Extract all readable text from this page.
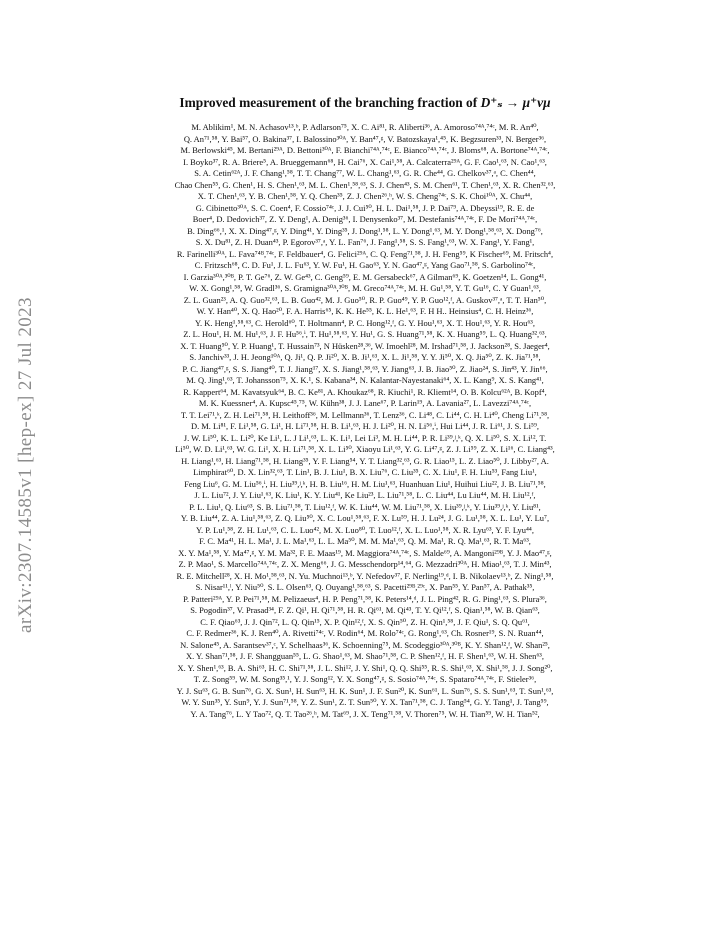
arXiv:2307.14585v1 [hep-ex] 27 Jul 2023
Improved measurement of the branching fraction of D⁺ₛ → μ⁺νμ
M. Ablikim¹, M. N. Achasov¹³,ᵇ, P. Adlarson⁷⁵, X. C. Ai⁸¹, R. Aliberti³⁶, A. Amoroso⁷⁴ᴬ,⁷⁴ᶜ, M. R. An⁴⁰,
Q. An⁷¹,⁵⁸, Y. Bai⁵⁷, O. Bakina³⁷, I. Balossino³⁰ᴬ, Y. Ban⁴⁷,ᵍ, V. Batozskaya¹,⁴⁵, K. Begzsuren³³, N. Berger³⁶,
M. Berlowski⁴⁵, M. Bertani²⁹ᴬ, D. Bettoni³⁰ᴬ, F. Bianchi⁷⁴ᴬ,⁷⁴ᶜ, E. Bianco⁷⁴ᴬ,⁷⁴ᶜ, J. Bloms⁶⁸, A. Bortone⁷⁴ᴬ,⁷⁴ᶜ,
I. Boyko³⁷, R. A. Briere⁵, A. Brueggemann⁶⁸, H. Cai⁷⁶, X. Cai¹,⁵⁸, A. Calcaterra²⁹ᴬ, G. F. Cao¹,⁶³, N. Cao¹,⁶³,
S. A. Cetin⁶²ᴬ, J. F. Chang¹,⁵⁸, T. T. Chang⁷⁷, W. L. Chang¹,⁶³, G. R. Che⁴⁴, G. Chelkov³⁷,ᵃ, C. Chen⁴⁴,
Chao Chen⁵⁵, G. Chen¹, H. S. Chen¹,⁶³, M. L. Chen¹,⁵⁸,⁶³, S. J. Chen⁴³, S. M. Chen⁶¹, T. Chen¹,⁶³, X. R. Chen³²,⁶³,
X. T. Chen¹,⁶³, Y. B. Chen¹,⁵⁸, Y. Q. Chen³⁵, Z. J. Chen²⁶,ʰ, W. S. Cheng⁷⁴ᶜ, S. K. Choi¹⁰ᴬ, X. Chu⁴⁴,
G. Cibinetto³⁰ᴬ, S. C. Coen⁴, F. Cossio⁷⁴ᶜ, J. J. Cui⁵⁰, H. L. Dai¹,⁵⁸, J. P. Dai⁷⁹, A. Dbeyssi¹⁹, R. E. de
Boer⁴, D. Dedovich³⁷, Z. Y. Deng¹, A. Denig³⁶, I. Denysenko³⁷, M. Destefanis⁷⁴ᴬ,⁷⁴ᶜ, F. De Mori⁷⁴ᴬ,⁷⁴ᶜ,
B. Ding⁶⁶,¹, X. X. Ding⁴⁷,ᵍ, Y. Ding⁴¹, Y. Ding³⁵, J. Dong¹,⁵⁸, L. Y. Dong¹,⁶³, M. Y. Dong¹,⁵⁸,⁶³, X. Dong⁷⁶,
S. X. Du⁸¹, Z. H. Duan⁴³, P. Egorov³⁷,ᵃ, Y. L. Fan⁷⁶, J. Fang¹,⁵⁸, S. S. Fang¹,⁶³, W. X. Fang¹, Y. Fang¹,
R. Farinelli³⁰ᴬ, L. Fava⁷⁴ᴮ,⁷⁴ᶜ, F. Feldbauer⁴, G. Felici²⁹ᴬ, C. Q. Feng⁷¹,⁵⁸, J. H. Feng⁵⁹, K Fischer⁶⁹, M. Fritsch⁴,
C. Fritzsch⁶⁸, C. D. Fu¹, J. L. Fu⁶³, Y. W. Fu¹, H. Gao⁶³, Y. N. Gao⁴⁷,ᵍ, Yang Gao⁷¹,⁵⁸, S. Garbolino⁷⁴ᶜ,
I. Garzia³⁰ᴬ,³⁰ᴮ, P. T. Ge⁷⁶, Z. W. Ge⁴³, C. Geng⁵⁹, E. M. Gersabeck⁶⁷, A Gilman⁶⁹, K. Goetzen¹⁴, L. Gong⁴¹,
W. X. Gong¹,⁵⁸, W. Gradl³⁶, S. Gramigna³⁰ᴬ,³⁰ᴮ, M. Greco⁷⁴ᴬ,⁷⁴ᶜ, M. H. Gu¹,⁵⁸, Y. T. Gu¹⁶, C. Y Guan¹,⁶³,
Z. L. Guan²³, A. Q. Guo³²,⁶³, L. B. Guo⁴², M. J. Guo⁵⁰, R. P. Guo⁴⁹, Y. P. Guo¹²,ᶠ, A. Guskov³⁷,ᵃ, T. T. Han⁵⁰,
W. Y. Han⁴⁰, X. Q. Hao²⁰, F. A. Harris⁶⁵, K. K. He⁵⁵, K. L. He¹,⁶³, F. H H.. Heinsius⁴, C. H. Heinz³⁶,
Y. K. Heng¹,⁵⁸,⁶³, C. Herold⁶⁰, T. Holtmann⁴, P. C. Hong¹²,ᶠ, G. Y. Hou¹,⁶³, X. T. Hou¹,⁶³, Y. R. Hou⁶³,
Z. L. Hou¹, H. M. Hu¹,⁶³, J. F. Hu⁵⁶,ⁱ, T. Hu¹,⁵⁸,⁶³, Y. Hu¹, G. S. Huang⁷¹,⁵⁸, K. X. Huang⁵⁹, L. Q. Huang³²,⁶³,
X. T. Huang⁵⁰, Y. P. Huang¹, T. Hussain⁷³, N Hüsken²⁸,³⁶, W. Imoehl²⁸, M. Irshad⁷¹,⁵⁸, J. Jackson²⁸, S. Jaeger⁴,
S. Janchiv³³, J. H. Jeong¹⁰ᴬ, Q. Ji¹, Q. P. Ji²⁰, X. B. Ji¹,⁶³, X. L. Ji¹,⁵⁸, Y. Y. Ji⁵⁰, X. Q. Jia⁵⁰, Z. K. Jia⁷¹,⁵⁸,
P. C. Jiang⁴⁷,ᵍ, S. S. Jiang⁴⁰, T. J. Jiang¹⁷, X. S. Jiang¹,⁵⁸,⁶³, Y. Jiang⁶³, J. B. Jiao⁵⁰, Z. Jiao²⁴, S. Jin⁴³, Y. Jin⁶⁶,
M. Q. Jing¹,⁶³, T. Johansson⁷⁵, X. K.¹, S. Kabana³⁴, N. Kalantar-Nayestanaki⁶⁴, X. L. Kang⁹, X. S. Kang⁴¹,
R. Kappert⁶⁴, M. Kavatsyuk⁶⁴, B. C. Ke⁸¹, A. Khoukaz⁶⁸, R. Kiuchi¹, R. Kliemt¹⁴, O. B. Kolcu⁶²ᴬ, B. Kopf⁴,
M. K. Kuessner⁴, A. Kupsc⁴⁵,⁷⁵, W. Kühn³⁸, J. J. Lane⁶⁷, P. Larin¹⁹, A. Lavania²⁷, L. Lavezzi⁷⁴ᴬ,⁷⁴ᶜ,
T. T. Lei⁷¹,ᵏ, Z. H. Lei⁷¹,⁵⁸, H. Leithoff³⁶, M. Lellmann³⁶, T. Lenz³⁶, C. Li⁴⁸, C. Li⁴⁴, C. H. Li⁴⁰, Cheng Li⁷¹,⁵⁸,
D. M. Li⁸¹, F. Li¹,⁵⁸, G. Li¹, H. Li⁷¹,⁵⁸, H. B. Li¹,⁶³, H. J. Li²⁰, H. N. Li⁵⁶,ⁱ, Hui Li⁴⁴, J. R. Li⁶¹, J. S. Li⁵⁹,
J. W. Li⁵⁰, K. L. Li²⁰, Ke Li¹, L. J Li¹,⁶³, L. K. Li¹, Lei Li³, M. H. Li⁴⁴, P. R. Li³⁹,ʲ,ᵏ, Q. X. Li⁵⁰, S. X. Li¹², T.
Li⁵⁰, W. D. Li¹,⁶³, W. G. Li¹, X. H. Li⁷¹,⁵⁸, X. L. Li⁵⁰, Xiaoyu Li¹,⁶³, Y. G. Li⁴⁷,ᵍ, Z. J. Li⁵⁹, Z. X. Li¹⁶, C. Liang⁴³,
H. Liang¹,⁶³, H. Liang⁷¹,⁵⁸, H. Liang³⁵, Y. F. Liang⁵⁴, Y. T. Liang³²,⁶³, G. R. Liao¹⁵, L. Z. Liao⁵⁰, J. Libby²⁷, A.
Limphirat⁶⁰, D. X. Lin³²,⁶³, T. Lin¹, B. J. Liu¹, B. X. Liu⁷⁶, C. Liu³⁵, C. X. Liu¹, F. H. Liu⁵³, Fang Liu¹,
Feng Liu⁶, G. M. Liu⁵⁶,ⁱ, H. Liu³⁹,ʲ,ᵏ, H. B. Liu¹⁶, H. M. Liu¹,⁶³, Huanhuan Liu¹, Huihui Liu²², J. B. Liu⁷¹,⁵⁸,
J. L. Liu⁷², J. Y. Liu¹,⁶³, K. Liu¹, K. Y. Liu⁴¹, Ke Liu²³, L. Liu⁷¹,⁵⁸, L. C. Liu⁴⁴, Lu Liu⁴⁴, M. H. Liu¹²,ᶠ,
P. L. Liu¹, Q. Liu⁶³, S. B. Liu⁷¹,⁵⁸, T. Liu¹²,ᶠ, W. K. Liu⁴⁴, W. M. Liu⁷¹,⁵⁸, X. Liu³⁹,ʲ,ᵏ, Y. Liu³⁹,ʲ,ᵏ, Y. Liu⁸¹,
Y. B. Liu⁴⁴, Z. A. Liu¹,⁵⁸,⁶³, Z. Q. Liu⁵⁰, X. C. Lou¹,⁵⁸,⁶³, F. X. Lu⁵⁹, H. J. Lu²⁴, J. G. Lu¹,⁵⁸, X. L. Lu¹, Y. Lu⁷,
Y. P. Lu¹,⁵⁸, Z. H. Lu¹,⁶³, C. L. Luo⁴², M. X. Luo⁸⁰, T. Luo¹²,ᶠ, X. L. Luo¹,⁵⁸, X. R. Lyu⁶³, Y. F. Lyu⁴⁴,
F. C. Ma⁴¹, H. L. Ma¹, J. L. Ma¹,⁶³, L. L. Ma⁵⁰, M. M. Ma¹,⁶³, Q. M. Ma¹, R. Q. Ma¹,⁶³, R. T. Ma⁶³,
X. Y. Ma¹,⁵⁸, Y. Ma⁴⁷,ᵍ, Y. M. Ma³², F. E. Maas¹⁹, M. Maggiora⁷⁴ᴬ,⁷⁴ᶜ, S. Malde⁶⁹, A. Mangoni²⁹ᴮ, Y. J. Mao⁴⁷,ᵍ,
Z. P. Mao¹, S. Marcello⁷⁴ᴬ,⁷⁴ᶜ, Z. X. Meng⁶⁶, J. G. Messchendorp¹⁴,⁶⁴, G. Mezzadri³⁰ᴬ, H. Miao¹,⁶³, T. J. Min⁴³,
R. E. Mitchell²⁸, X. H. Mo¹,⁵⁸,⁶³, N. Yu. Muchnoi¹³,ᵇ, Y. Nefedov³⁷, F. Nerling¹⁹,ᵈ, I. B. Nikolaev¹³,ᵇ, Z. Ning¹,⁵⁸,
S. Nisar¹¹,ˡ, Y. Niu⁵⁰, S. L. Olsen⁶³, Q. Ouyang¹,⁵⁸,⁶³, S. Pacetti²⁹ᴮ,²⁹ᶜ, X. Pan⁵⁵, Y. Pan⁵⁷, A. Pathak³⁵,
P. Patteri²⁹ᴬ, Y. P. Pei⁷¹,⁵⁸, M. Pelizaeus⁴, H. P. Peng⁷¹,⁵⁸, K. Peters¹⁴,ᵈ, J. L. Ping⁴², R. G. Ping¹,⁶³, S. Plura³⁶,
S. Pogodin³⁷, V. Prasad³⁴, F. Z. Qi¹, H. Qi⁷¹,⁵⁸, H. R. Qi⁶¹, M. Qi⁴³, T. Y. Qi¹²,ᶠ, S. Qian¹,⁵⁸, W. B. Qian⁶³,
C. F. Qiao⁶³, J. J. Qin⁷², L. Q. Qin¹⁵, X. P. Qin¹²,ᶠ, X. S. Qin⁵⁰, Z. H. Qin¹,⁵⁸, J. F. Qiu¹, S. Q. Qu⁶¹,
C. F. Redmer³⁶, K. J. Ren⁴⁰, A. Rivetti⁷⁴ᶜ, V. Rodin⁶⁴, M. Rolo⁷⁴ᶜ, G. Rong¹,⁶³, Ch. Rosner¹⁹, S. N. Ruan⁴⁴,
N. Salone⁴⁵, A. Sarantsev³⁷,ᶜ, Y. Schelhaas³⁶, K. Schoenning⁷⁵, M. Scodeggio³⁰ᴬ,³⁰ᴮ, K. Y. Shan¹²,ᶠ, W. Shan²⁵,
X. Y. Shan⁷¹,⁵⁸, J. F. Shangguan⁵⁵, L. G. Shao¹,⁶³, M. Shao⁷¹,⁵⁸, C. P. Shen¹²,ᶠ, H. F. Shen¹,⁶³, W. H. Shen⁶³,
X. Y. Shen¹,⁶³, B. A. Shi⁶³, H. C. Shi⁷¹,⁵⁸, J. L. Shi¹², J. Y. Shi¹, Q. Q. Shi⁵⁵, R. S. Shi¹,⁶³, X. Shi¹,⁵⁸, J. J. Song²⁰,
T. Z. Song⁵⁹, W. M. Song³⁵,¹, Y. J. Song¹², Y. X. Song⁴⁷,ᵍ, S. Sosio⁷⁴ᴬ,⁷⁴ᶜ, S. Spataro⁷⁴ᴬ,⁷⁴ᶜ, F. Stieler³⁶,
Y. J. Su⁶³, G. B. Sun⁷⁶, G. X. Sun¹, H. Sun⁶³, H. K. Sun¹, J. F. Sun²⁰, K. Sun⁶¹, L. Sun⁷⁶, S. S. Sun¹,⁶³, T. Sun¹,⁶³,
W. Y. Sun³⁵, Y. Sun⁹, Y. J. Sun⁷¹,⁵⁸, Y. Z. Sun¹, Z. T. Sun⁵⁰, Y. X. Tan⁷¹,⁵⁸, C. J. Tang⁵⁴, G. Y. Tang¹, J. Tang⁵⁹,
Y. A. Tang⁷⁶, L. Y Tao⁷², Q. T. Tao²⁶,ʰ, M. Tat⁶⁹, J. X. Teng⁷¹,⁵⁸, V. Thoren⁷⁵, W. H. Tian⁵⁹, W. H. Tian⁵²,
